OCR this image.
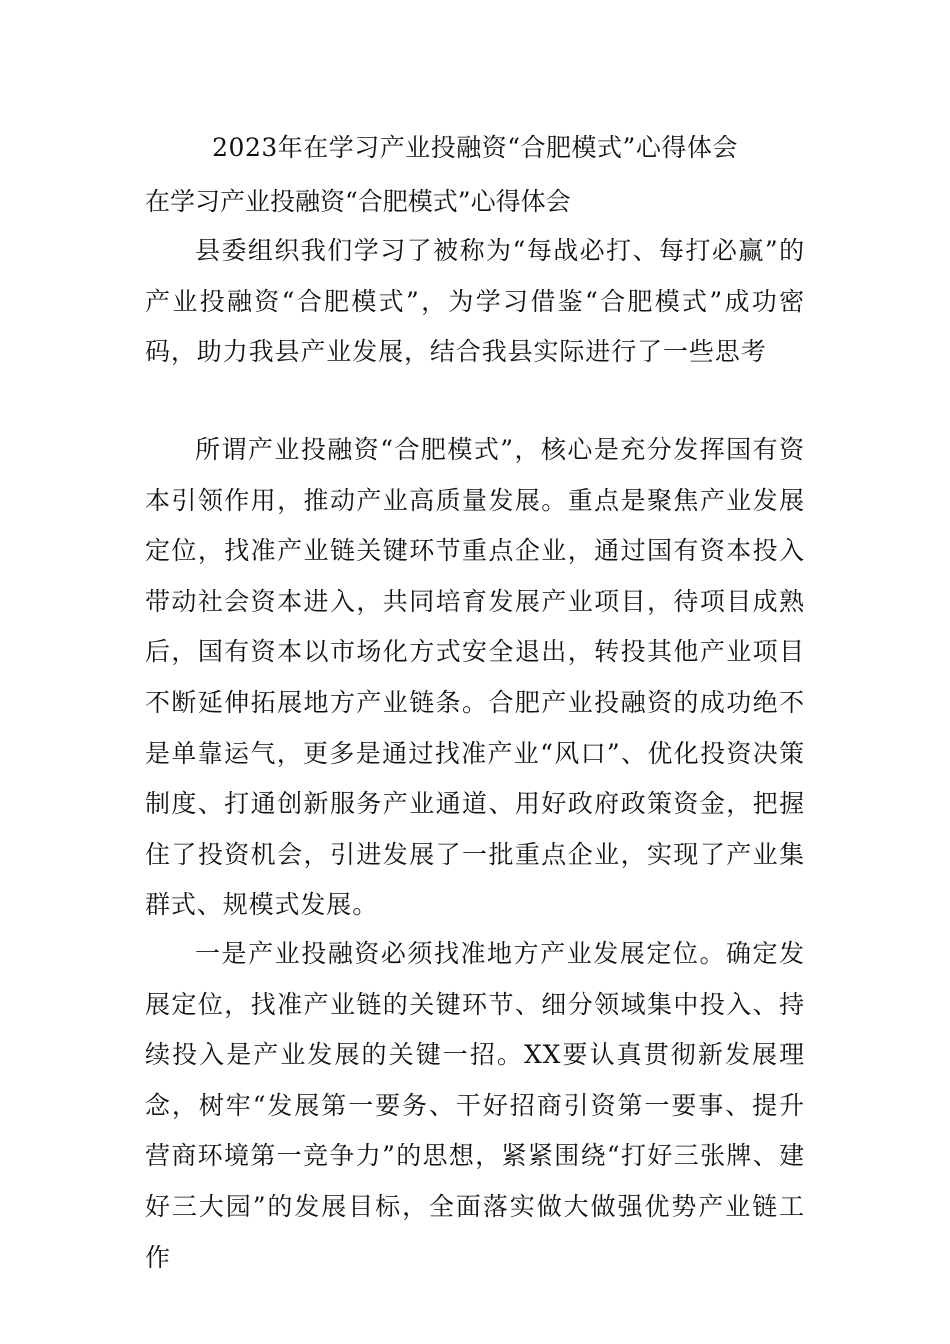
2023年在学习产业投融资“合肥模式”心得体会
在学习产业投融资“合肥模式”心得体会

县委组织我们学习了被称为“每战必打、每打必赢”的产业投融资“合肥模式”，为学习借鉴“合肥模式”成功密码，助力我县产业发展，结合我县实际进行了一些思考

所谓产业投融资“合肥模式”，核心是充分发挥国有资本引领作用，推动产业高质量发展。重点是聚焦产业发展定位，找准产业链关键环节重点企业，通过国有资本投入带动社会资本进入，共同培育发展产业项目，待项目成熟后，国有资本以市场化方式安全退出，转投其他产业项目不断延伸拓展地方产业链条。合肥产业投融资的成功绝不是单靠运气，更多是通过找准产业“风口”、优化投资决策制度、打通创新服务产业通道、用好政府政策资金，把握住了投资机会，引进发展了一批重点企业，实现了产业集群式、规模式发展。

一是产业投融资必须找准地方产业发展定位。确定发展定位，找准产业链的关键环节、细分领域集中投入、持续投入是产业发展的关键一招。XX要认真贯彻新发展理念，树牢“发展第一要务、干好招商引资第一要事、提升营商环境第一竞争力”的思想，紧紧围绕“打好三张牌、建好三大园”的发展目标，全面落实做大做强优势产业链工作
